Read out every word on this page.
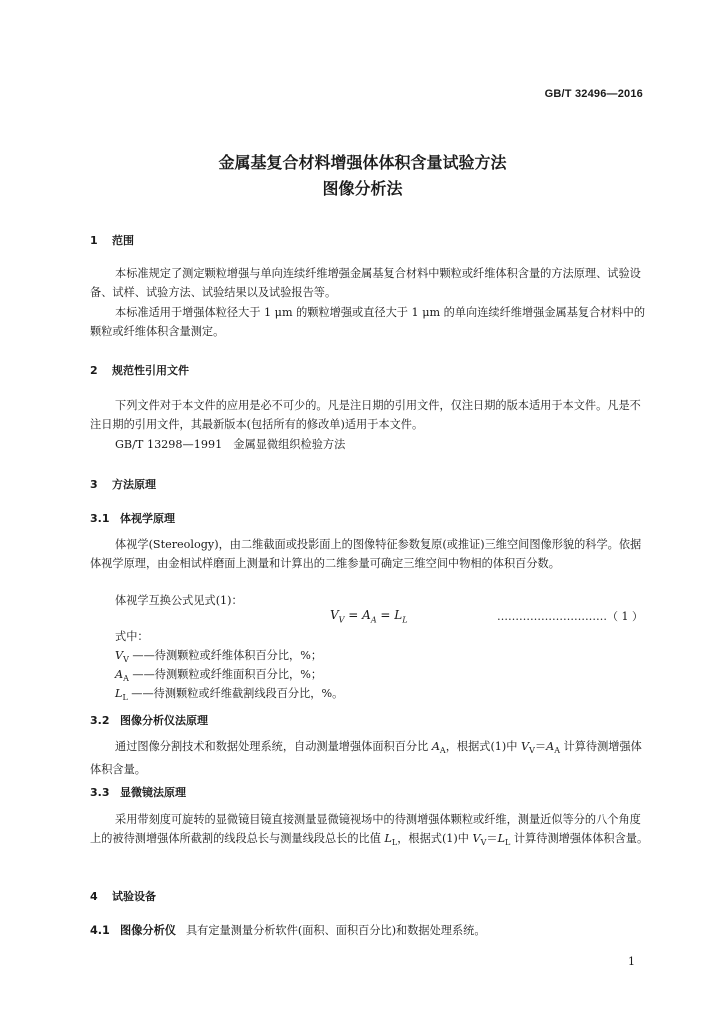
GB/T 32496—2016
金属基复合材料增强体体积含量试验方法
图像分析法
1 范围
本标准规定了测定颗粒增强与单向连续纤维增强金属基复合材料中颗粒或纤维体积含量的方法原理、试验设备、试样、试验方法、试验结果以及试验报告等。
本标准适用于增强体粒径大于 1 μm 的颗粒增强或直径大于 1 μm 的单向连续纤维增强金属基复合材料中的颗粒或纤维体积含量测定。
2 规范性引用文件
下列文件对于本文件的应用是必不可少的。凡是注日期的引用文件，仅注日期的版本适用于本文件。凡是不注日期的引用文件，其最新版本(包括所有的修改单)适用于本文件。
GB/T 13298—1991　金属显微组织检验方法
3 方法原理
3.1 体视学原理
体视学(Stereology)，由二维截面或投影面上的图像特征参数复原(或推证)三维空间图像形貌的科学。依据体视学原理，由金相试样磨面上测量和计算出的二维参量可确定三维空间中物相的体积百分数。
体视学互换公式见式(1)：
$V_V = A_A = L_L$	…………………………（ 1 ）
式中：
$V_V$ ——待测颗粒或纤维体积百分比，%；
$A_A$ ——待测颗粒或纤维面积百分比，%；
$L_L$ ——待测颗粒或纤维截割线段百分比，%。
3.2 图像分析仪法原理
通过图像分割技术和数据处理系统，自动测量增强体面积百分比 $A_A$，根据式(1)中 $V_V=A_A$ 计算待测增强体体积含量。
3.3 显微镜法原理
采用带刻度可旋转的显微镜目镜直接测量显微镜视场中的待测增强体颗粒或纤维，测量近似等分的八个角度上的被待测增强体所截割的线段总长与测量线段总长的比值 $L_L$，根据式(1)中 $V_V=L_L$ 计算待测增强体体积含量。
4 试验设备
4.1 图像分析仪 具有定量测量分析软件(面积、面积百分比)和数据处理系统。
1
